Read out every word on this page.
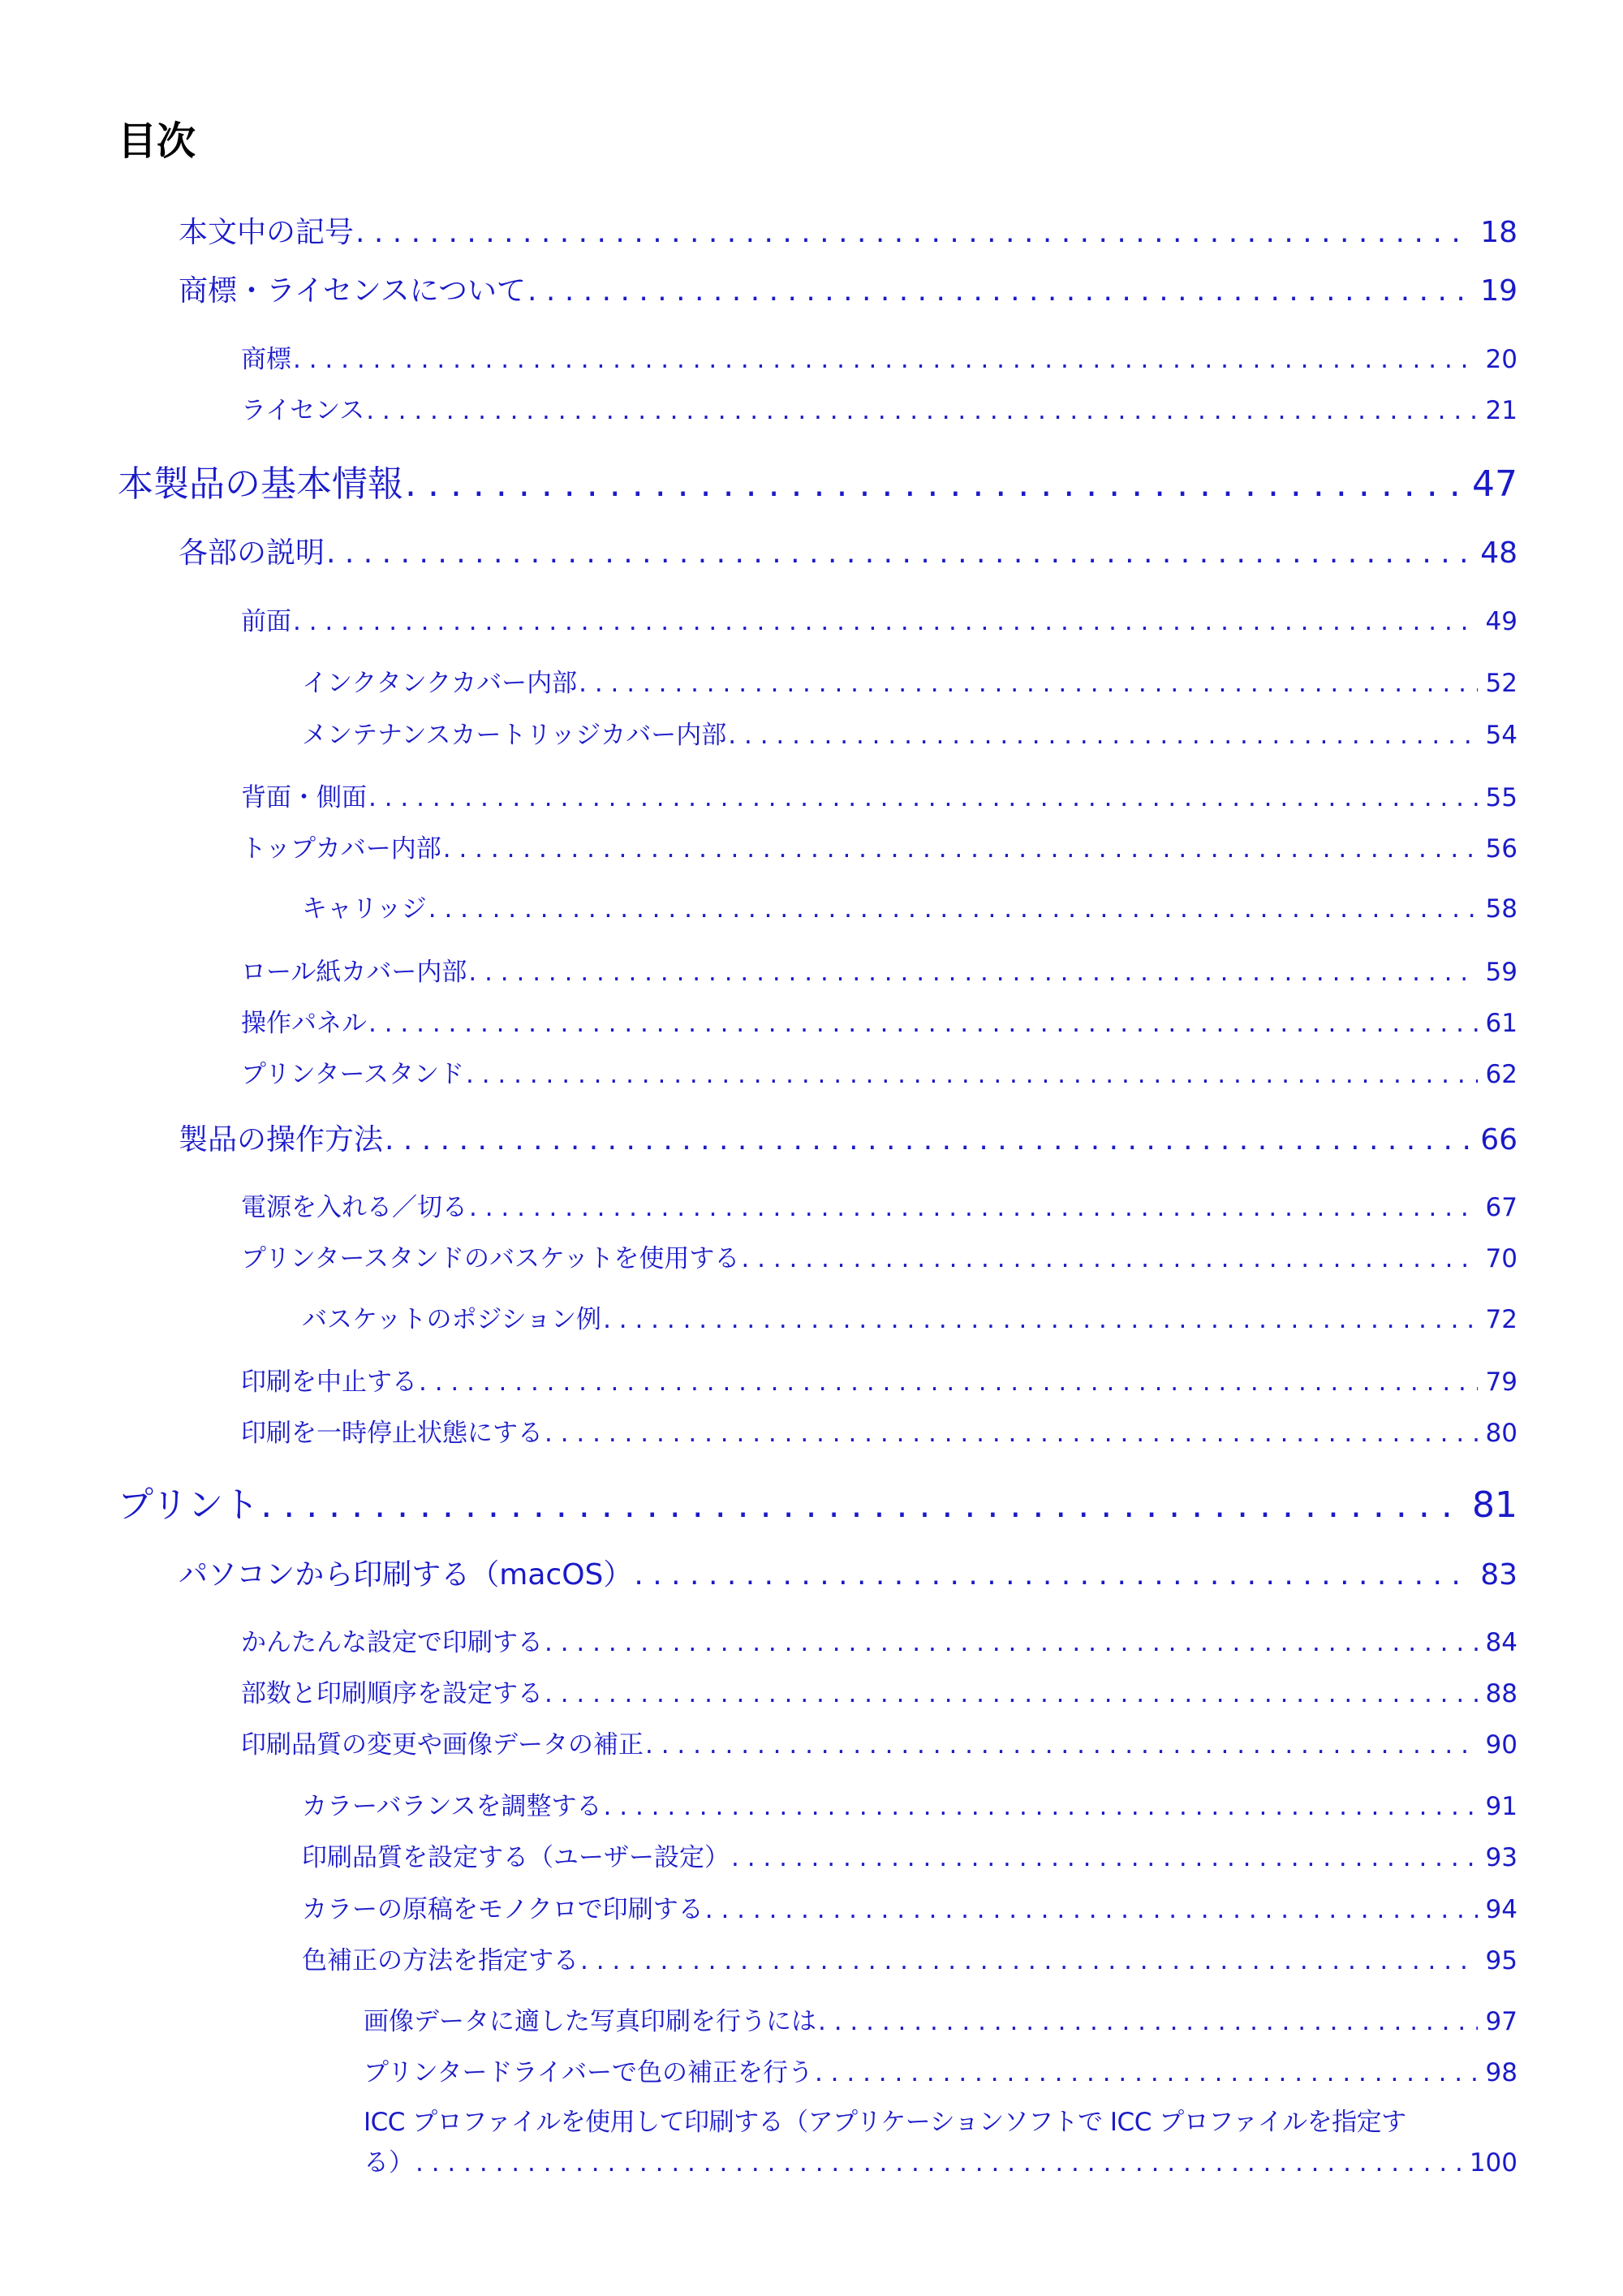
目次
本文中の記号 . . .	18
商標・ライセンスについて . . .	19
商標 . . .	20
ライセンス . . .	21
本製品の基本情報 . . .	47
各部の説明 . . .	48
前面 . . .	49
インクタンクカバー内部 . . .	52
メンテナンスカートリッジカバー内部 . . .	54
背面・側面 . . .	55
トップカバー内部 . . .	56
キャリッジ . . .	58
ロール紙カバー内部 . . .	59
操作パネル . . .	61
プリンタースタンド . . .	62
製品の操作方法 . . .	66
電源を入れる／切る . . .	67
プリンタースタンドのバスケットを使用する . . .	70
バスケットのポジション例 . . .	72
印刷を中止する . . .	79
印刷を一時停止状態にする . . .	80
プリント . . .	81
パソコンから印刷する（macOS） . . .	83
かんたんな設定で印刷する . . .	84
部数と印刷順序を設定する . . .	88
印刷品質の変更や画像データの補正 . . .	90
カラーバランスを調整する . . .	91
印刷品質を設定する（ユーザー設定） . . .	93
カラーの原稿をモノクロで印刷する . . .	94
色補正の方法を指定する . . .	95
画像データに適した写真印刷を行うには . . .	97
プリンタードライバーで色の補正を行う . . .	98
ICC プロファイルを使用して印刷する（アプリケーションソフトで ICC プロファイルを指定す
る） . . .	100
